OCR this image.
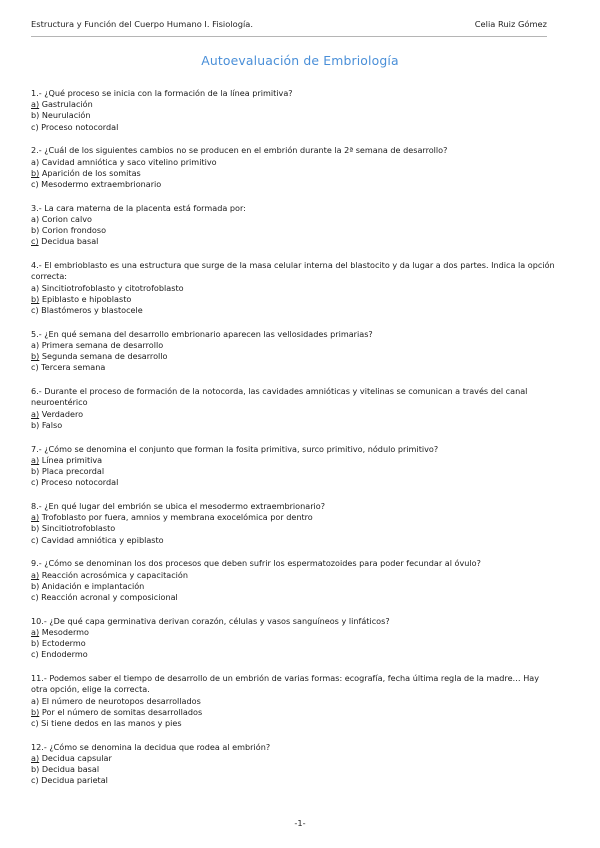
Estructura y Función del Cuerpo Humano I. Fisiología.	Celia Ruiz Gómez
Autoevaluación de Embriología
1.- ¿Qué proceso se inicia con la formación de la línea primitiva?
a) Gastrulación
b) Neurulación
c) Proceso notocordal
2.- ¿Cuál de los siguientes cambios no se producen en el embrión durante la 2ª semana de desarrollo?
a) Cavidad amniótica y saco vitelino primitivo
b) Aparición de los somitas
c) Mesodermo extraembrionario
3.- La cara materna de la placenta está formada por:
a) Corion calvo
b) Corion frondoso
c) Decidua basal
4.- El embrioblasto es una estructura que surge de la masa celular interna del blastocito y da lugar a dos partes. Indica la opción correcta:
a) Sincitiotrofoblasto y citotrofoblasto
b) Epiblasto e hipoblasto
c) Blastómeros y blastocele
5.- ¿En qué semana del desarrollo embrionario aparecen las vellosidades primarias?
a) Primera semana de desarrollo
b) Segunda semana de desarrollo
c) Tercera semana
6.- Durante el proceso de formación de la notocorda, las cavidades amnióticas y vitelinas se comunican a través del canal neuroentérico
a) Verdadero
b) Falso
7.- ¿Cómo se denomina el conjunto que forman la fosita primitiva, surco primitivo, nódulo primitivo?
a) Línea primitiva
b) Placa precordal
c) Proceso notocordal
8.- ¿En qué lugar del embrión se ubica el mesodermo extraembrionario?
a) Trofoblasto por fuera, amnios y membrana exocelómica por dentro
b) Sincitiotrofoblasto
c) Cavidad amniótica y epiblasto
9.- ¿Cómo se denominan los dos procesos que deben sufrir los espermatozoides para poder fecundar al óvulo?
a) Reacción acrosómica y capacitación
b) Anidación e implantación
c) Reacción acronal y composicional
10.- ¿De qué capa germinativa derivan corazón, células y vasos sanguíneos y linfáticos?
a) Mesodermo
b) Ectodermo
c) Endodermo
11.- Podemos saber el tiempo de desarrollo de un embrión de varias formas: ecografía, fecha última regla de la madre… Hay otra opción, elige la correcta.
a) El número de neurotopos desarrollados
b) Por el número de somitas desarrollados
c) Si tiene dedos en las manos y pies
12.- ¿Cómo se denomina la decidua que rodea al embrión?
a) Decidua capsular
b) Decidua basal
c) Decidua parietal
-1-
